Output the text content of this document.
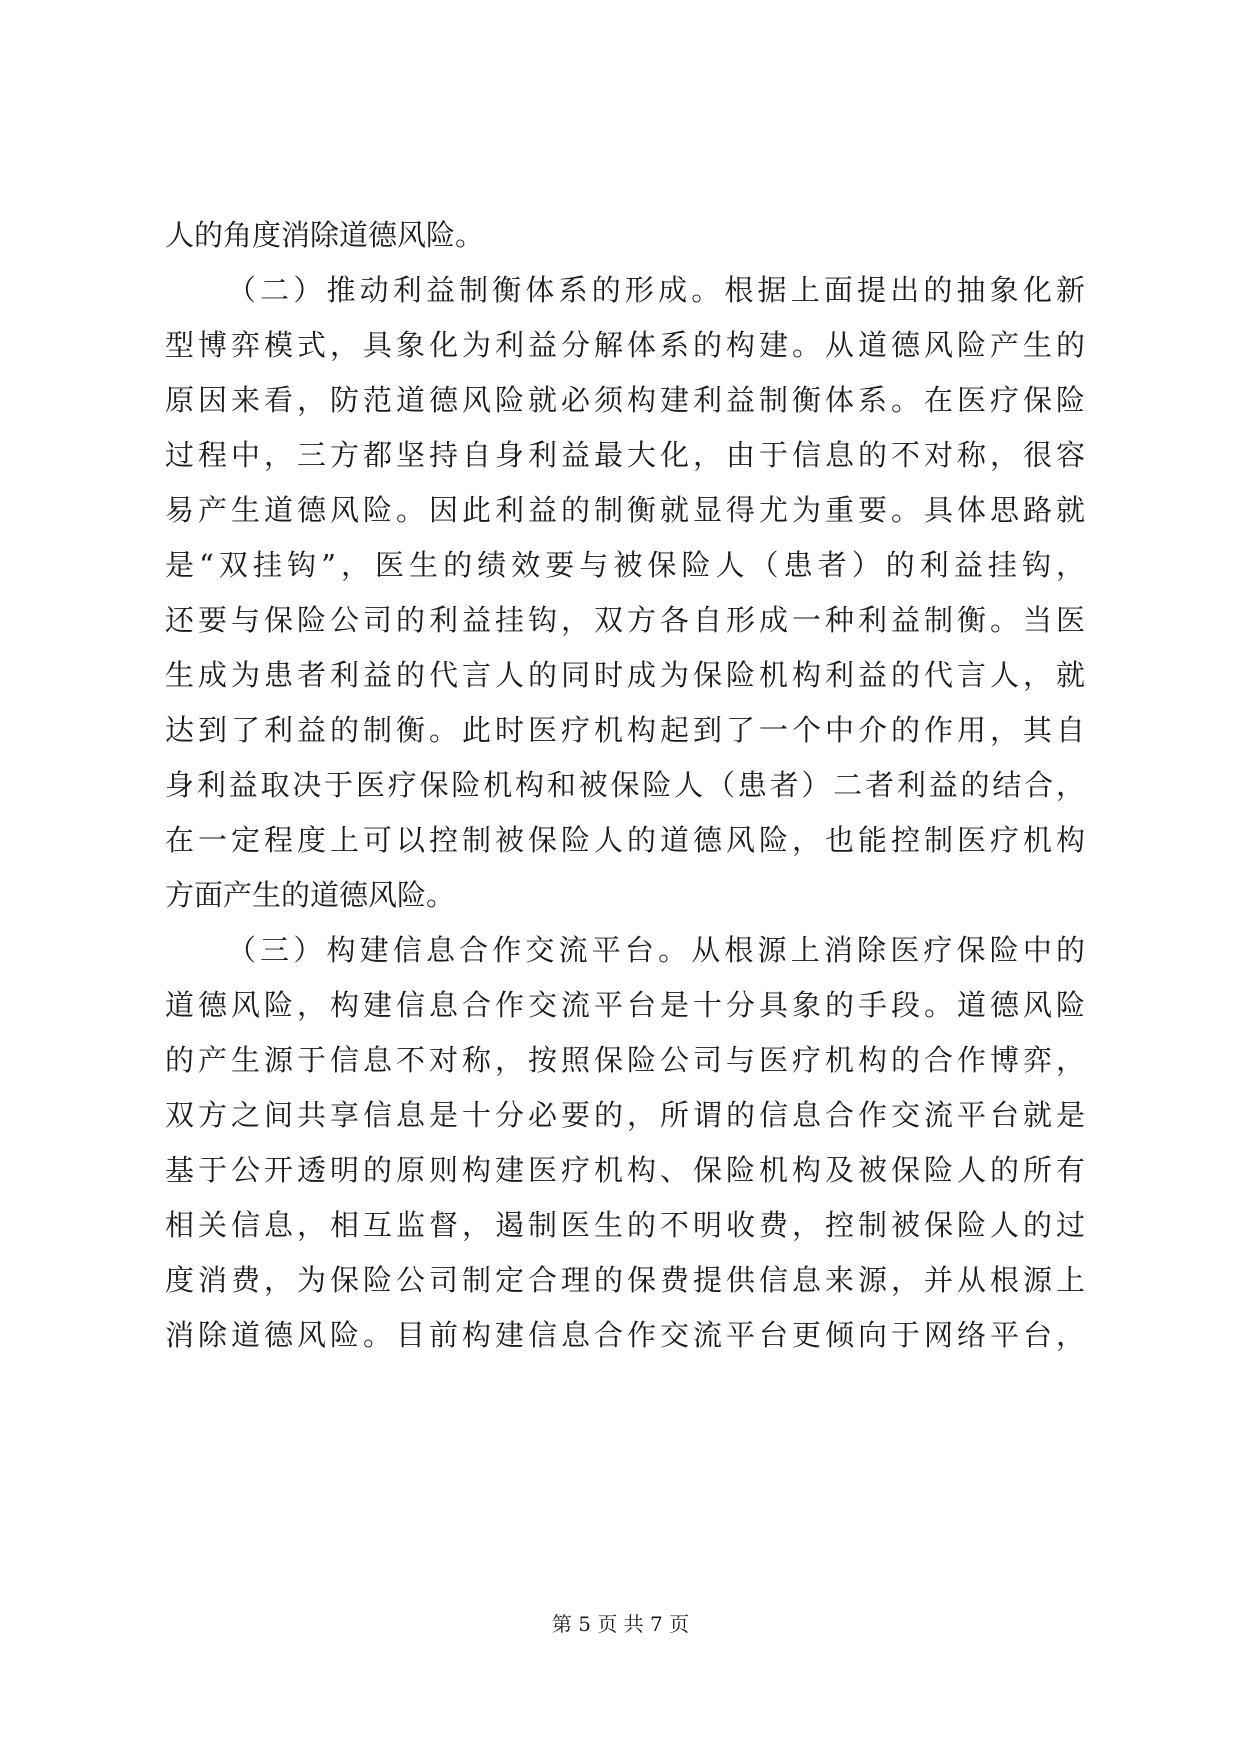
人的角度消除道德风险。
（二）推动利益制衡体系的形成。根据上面提出的抽象化新
型博弈模式，具象化为利益分解体系的构建。从道德风险产生的
原因来看，防范道德风险就必须构建利益制衡体系。在医疗保险
过程中，三方都坚持自身利益最大化，由于信息的不对称，很容
易产生道德风险。因此利益的制衡就显得尤为重要。具体思路就
是“双挂钩”，医生的绩效要与被保险人（患者）的利益挂钩，
还要与保险公司的利益挂钩，双方各自形成一种利益制衡。当医
生成为患者利益的代言人的同时成为保险机构利益的代言人，就
达到了利益的制衡。此时医疗机构起到了一个中介的作用，其自
身利益取决于医疗保险机构和被保险人（患者）二者利益的结合，
在一定程度上可以控制被保险人的道德风险，也能控制医疗机构
方面产生的道德风险。
（三）构建信息合作交流平台。从根源上消除医疗保险中的
道德风险，构建信息合作交流平台是十分具象的手段。道德风险
的产生源于信息不对称，按照保险公司与医疗机构的合作博弈，
双方之间共享信息是十分必要的，所谓的信息合作交流平台就是
基于公开透明的原则构建医疗机构、保险机构及被保险人的所有
相关信息，相互监督，遏制医生的不明收费，控制被保险人的过
度消费，为保险公司制定合理的保费提供信息来源，并从根源上
消除道德风险。目前构建信息合作交流平台更倾向于网络平台，
第 5 页 共 7 页
